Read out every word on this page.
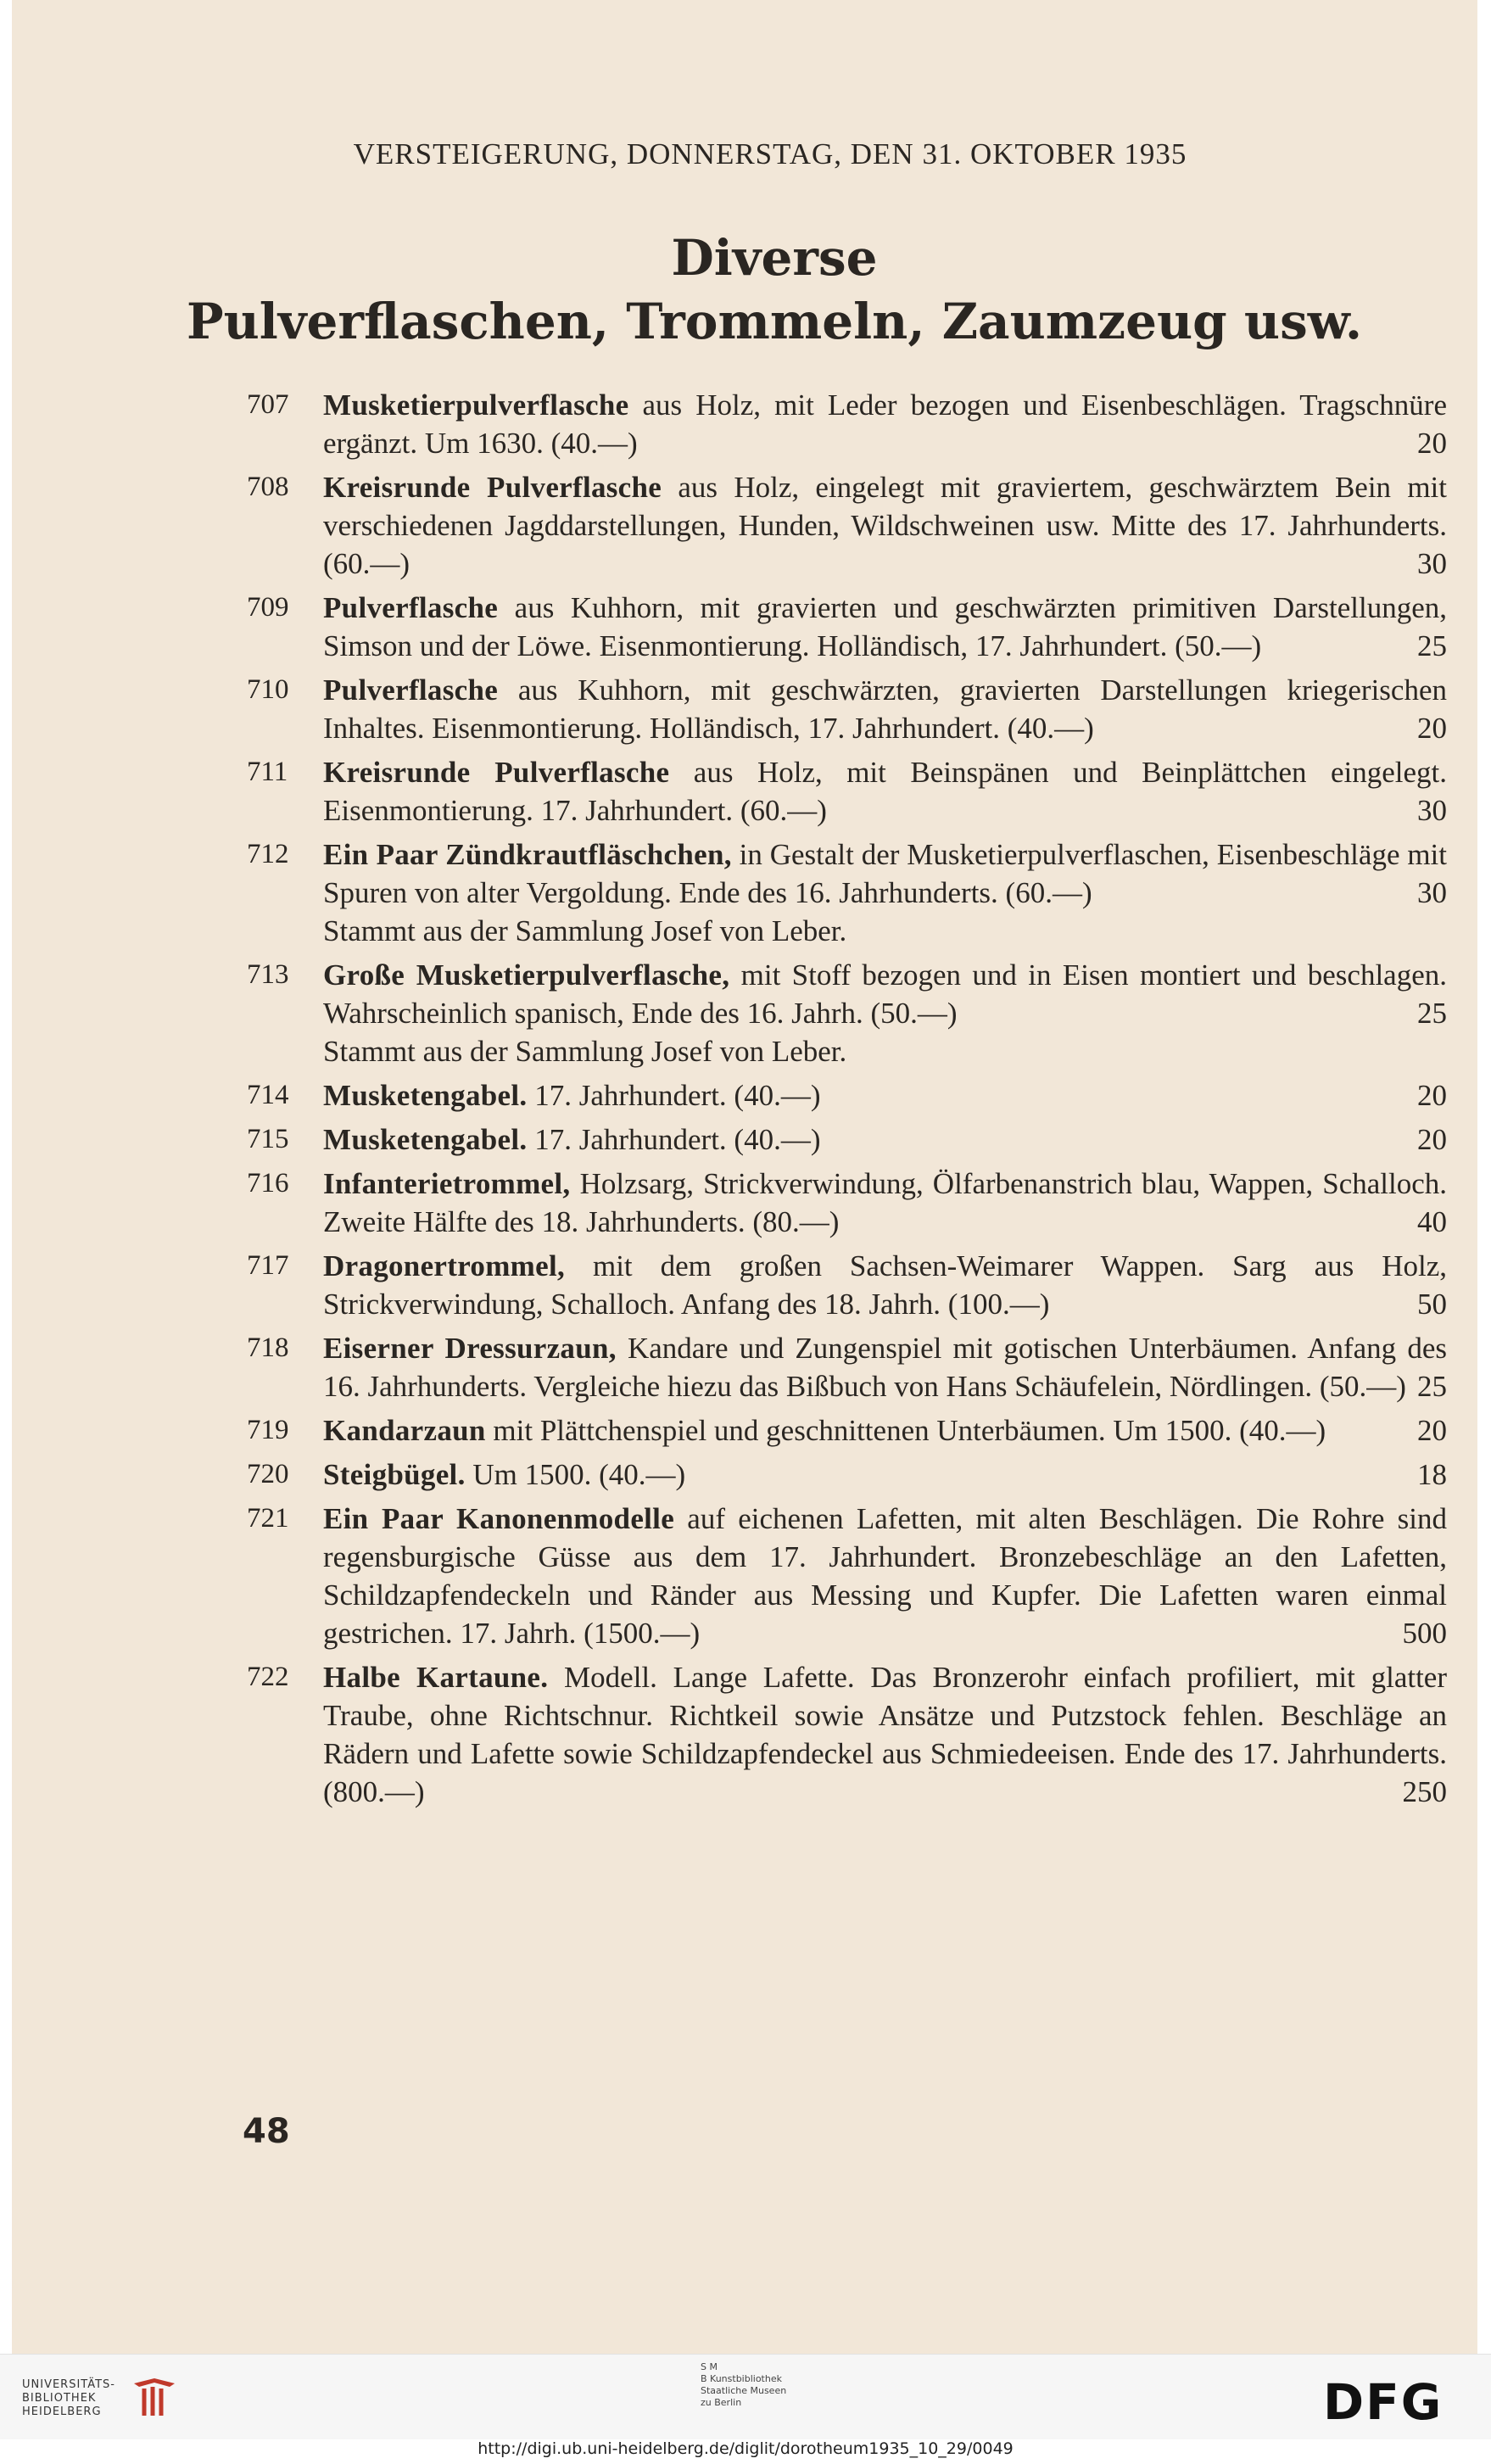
VERSTEIGERUNG, DONNERSTAG, DEN 31. OKTOBER 1935
Diverse
Pulverflaschen, Trommeln, Zaumzeug usw.
707	Musketierpulverflasche aus Holz, mit Leder bezogen und Eisenbeschlägen. Tragschnüre ergänzt. Um 1630. (40.—)	20
708	Kreisrunde Pulverflasche aus Holz, eingelegt mit graviertem, geschwärztem Bein mit verschiedenen Jagddarstellungen, Hunden, Wildschweinen usw. Mitte des 17. Jahrhunderts. (60.—)	30
709	Pulverflasche aus Kuhhorn, mit gravierten und geschwärzten primitiven Darstellungen, Simson und der Löwe. Eisenmontierung. Holländisch, 17. Jahrhundert. (50.—)	25
710	Pulverflasche aus Kuhhorn, mit geschwärzten, gravierten Darstellungen kriegerischen Inhaltes. Eisenmontierung. Holländisch, 17. Jahrhundert. (40.—)	20
711	Kreisrunde Pulverflasche aus Holz, mit Beinspänen und Beinplättchen eingelegt. Eisenmontierung. 17. Jahrhundert. (60.—)	30
712	Ein Paar Zündkrautfläschchen, in Gestalt der Musketierpulverflaschen, Eisenbeschläge mit Spuren von alter Vergoldung. Ende des 16. Jahrhunderts. (60.—)	30
Stammt aus der Sammlung Josef von Leber.
713	Große Musketierpulverflasche, mit Stoff bezogen und in Eisen montiert und beschlagen. Wahrscheinlich spanisch, Ende des 16. Jahrh. (50.—)	25
Stammt aus der Sammlung Josef von Leber.
714	Musketengabel. 17. Jahrhundert. (40.—)	20
715	Musketengabel. 17. Jahrhundert. (40.—)	20
716	Infanterietrommel, Holzsarg, Strickverwindung, Ölfarbenanstrich blau, Wappen, Schalloch. Zweite Hälfte des 18. Jahrhunderts. (80.—)	40
717	Dragonertrommel, mit dem großen Sachsen-Weimarer Wappen. Sarg aus Holz, Strickverwindung, Schalloch. Anfang des 18. Jahrh. (100.—)	50
718	Eiserner Dressurzaun, Kandare und Zungenspiel mit gotischen Unterbäumen. Anfang des 16. Jahrhunderts. Vergleiche hiezu das Bißbuch von Hans Schäufelein, Nördlingen. (50.—) 25
719	Kandarzaun mit Plättchenspiel und geschnittenen Unterbäumen. Um 1500. (40.—)	20
720	Steigbügel. Um 1500. (40.—)	18
721	Ein Paar Kanonenmodelle auf eichenen Lafetten, mit alten Beschlägen. Die Rohre sind regensburgische Güsse aus dem 17. Jahrhundert. Bronzebeschläge an den Lafetten, Schildzapfendeckeln und Ränder aus Messing und Kupfer. Die Lafetten waren einmal gestrichen. 17. Jahrh. (1500.—)	500
722	Halbe Kartaune. Modell. Lange Lafette. Das Bronzerohr einfach profiliert, mit glatter Traube, ohne Richtschnur. Richtkeil sowie Ansätze und Putzstock fehlen. Beschläge an Rädern und Lafette sowie Schildzapfendeckel aus Schmiedeeisen. Ende des 17. Jahrhunderts. (800.—)	250
48
UNIVERSITÄTS-
BIBLIOTHEK
HEIDELBERG
S M
B Kunstbibliothek
Staatliche Museen
zu Berlin	DFG
http://digi.ub.uni-heidelberg.de/diglit/dorotheum1935_10_29/0049
